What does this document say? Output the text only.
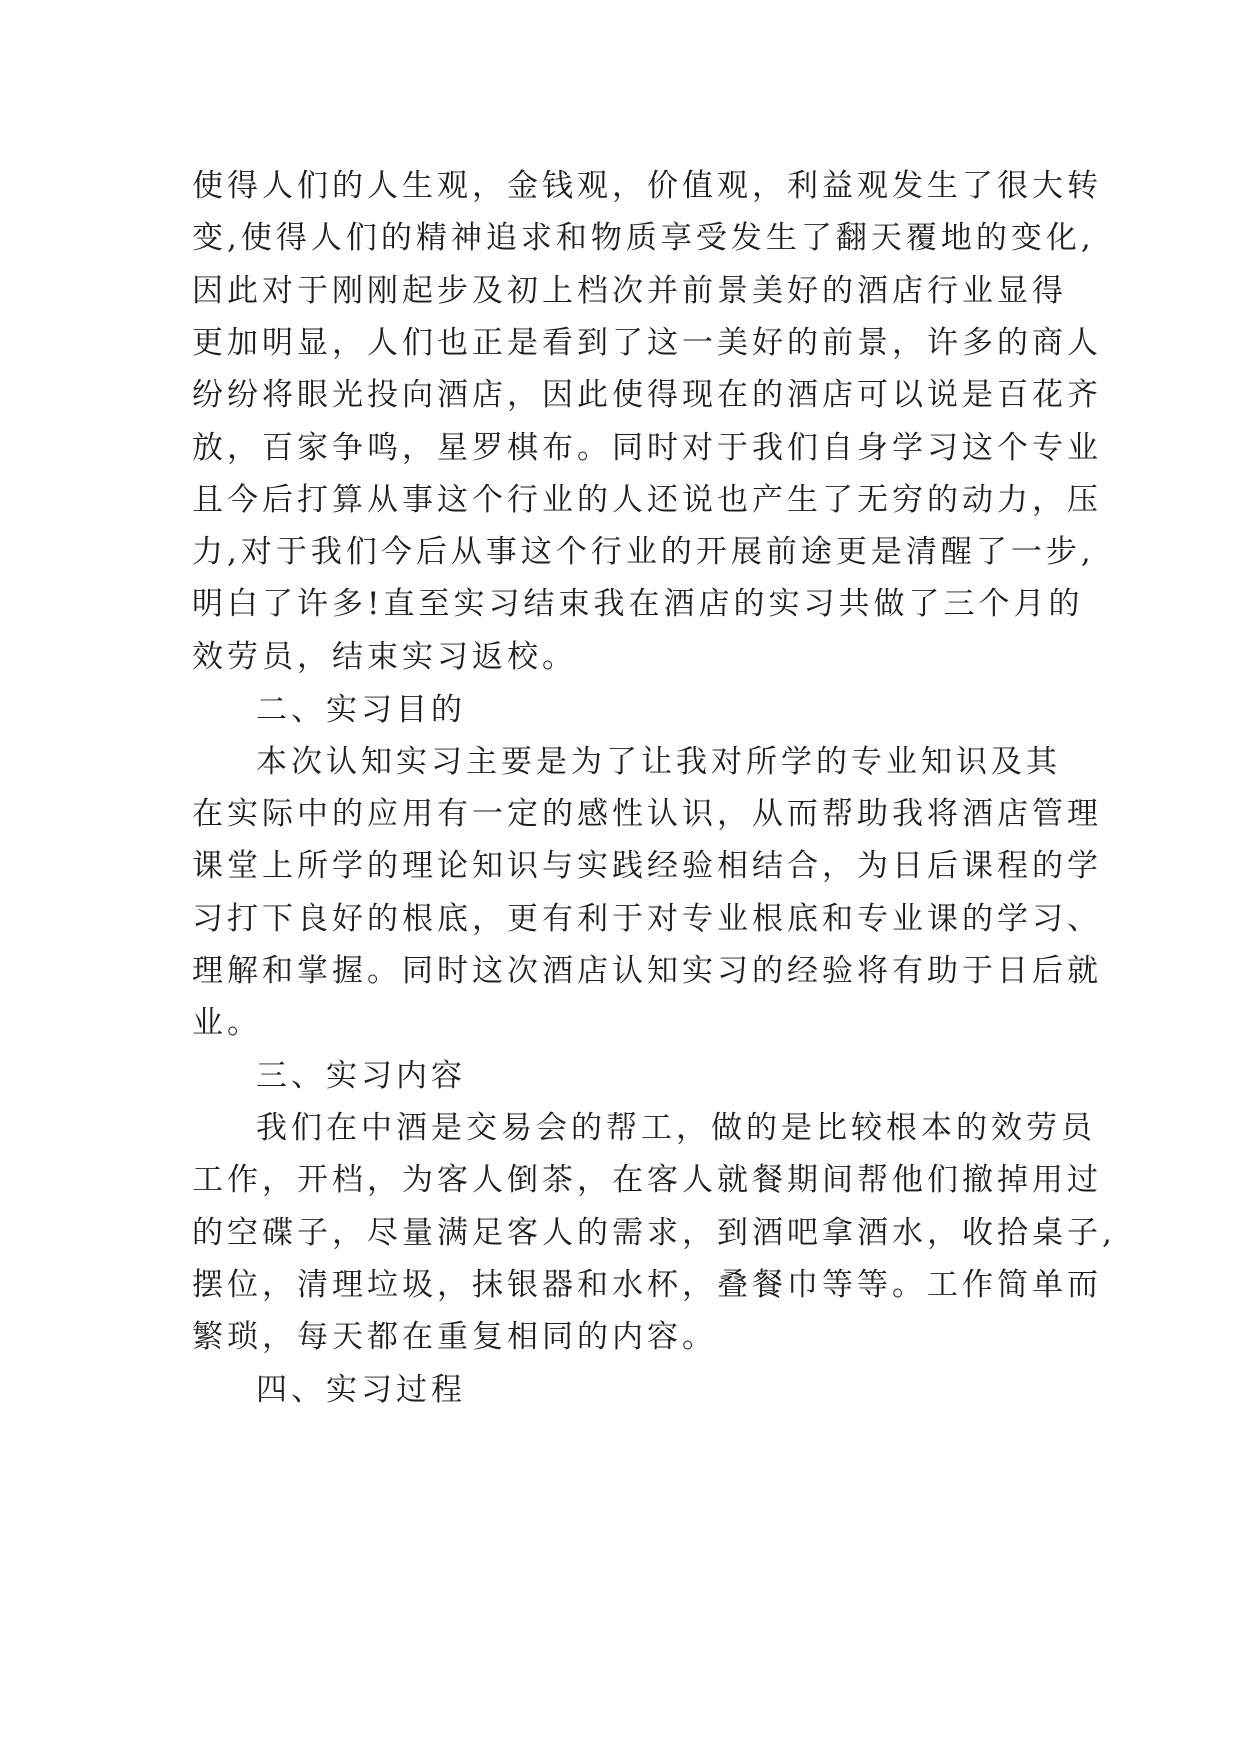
使得人们的人生观，金钱观，价值观，利益观发生了很大转
变,使得人们的精神追求和物质享受发生了翻天覆地的变化,
因此对于刚刚起步及初上档次并前景美好的酒店行业显得
更加明显，人们也正是看到了这一美好的前景，许多的商人
纷纷将眼光投向酒店，因此使得现在的酒店可以说是百花齐
放，百家争鸣，星罗棋布。同时对于我们自身学习这个专业
且今后打算从事这个行业的人还说也产生了无穷的动力，压
力,对于我们今后从事这个行业的开展前途更是清醒了一步,
明白了许多!直至实习结束我在酒店的实习共做了三个月的
效劳员，结束实习返校。
二、实习目的
本次认知实习主要是为了让我对所学的专业知识及其
在实际中的应用有一定的感性认识，从而帮助我将酒店管理
课堂上所学的理论知识与实践经验相结合，为日后课程的学
习打下良好的根底，更有利于对专业根底和专业课的学习、
理解和掌握。同时这次酒店认知实习的经验将有助于日后就
业。
三、实习内容
我们在中酒是交易会的帮工，做的是比较根本的效劳员
工作，开档，为客人倒茶，在客人就餐期间帮他们撤掉用过
的空碟子，尽量满足客人的需求，到酒吧拿酒水，收拾桌子,
摆位，清理垃圾，抹银器和水杯，叠餐巾等等。工作简单而
繁琐，每天都在重复相同的内容。
四、实习过程
